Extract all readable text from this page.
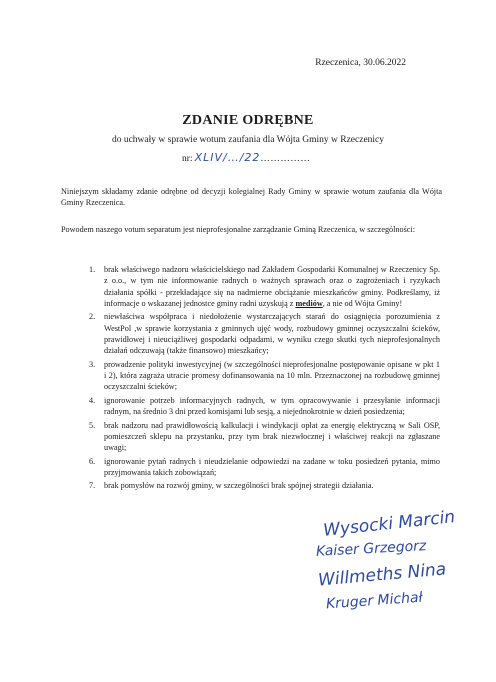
Rzeczenica, 30.06.2022
ZDANIE ODRĘBNE
do uchwały w sprawie wotum zaufania dla Wójta Gminy w Rzeczenicy
nr: XLIV/…/22 ……………
Niniejszym składamy zdanie odrębne od decyzji kolegialnej Rady Gminy w sprawie wotum zaufania dla Wójta Gminy Rzeczenica.
Powodem naszego votum separatum jest nieprofesjonalne zarządzanie Gminą Rzeczenica, w szczególności:
1.	brak właściwego nadzoru właścicielskiego nad Zakładem Gospodarki Komunalnej w Rzeczenicy Sp. z o.o., w tym nie informowanie radnych o ważnych sprawach oraz o zagrożeniach i ryzykach działania spółki - przekładające się na nadmierne obciążanie mieszkańców gminy. Podkreślamy, iż informacje o wskazanej jednostce gminy radni uzyskują z mediów, a nie od Wójta Gminy!
2.	niewłaściwa współpraca i niedołożenie wystarczających starań do osiągnięcia porozumienia z WestPol ,w sprawie korzystania z gminnych ujęć wody, rozbudowy gminnej oczyszczalni ścieków, prawidłowej i nieuciążliwej gospodarki odpadami, w wyniku czego skutki tych nieprofesjonalnych działań odczuwają (także finansowo) mieszkańcy;
3.	prowadzenie polityki inwestycyjnej (w szczególności nieprofesjonalne postępowanie opisane w pkt 1 i 2), która zagraża utracie promesy dofinansowania na 10 mln. Przeznaczonej na rozbudowę gminnej oczyszczalni ścieków;
4.	ignorowanie potrzeb informacyjnych radnych, w tym opracowywanie i przesyłanie informacji radnym, na średnio 3 dni przed komisjami lub sesją, a niejednokrotnie w dzień posiedzenia;
5.	brak nadzoru nad prawidłowością kalkulacji i windykacji opłat za energię elektryczną w Sali OSP, pomieszczeń sklepu na przystanku, przy tym brak niezwłocznej i właściwej reakcji na zgłaszane uwagi;
6.	ignorowanie pytań radnych i nieudzielanie odpowiedzi na zadane w toku posiedzeń pytania, mimo przyjmowania takich zobowiązań;
7.	brak pomysłów na rozwój gminy, w szczególności brak spójnej strategii działania.
Wysocki Marcin
Kaiser Grzegorz
Willmeths Nina
Kruger Michał
